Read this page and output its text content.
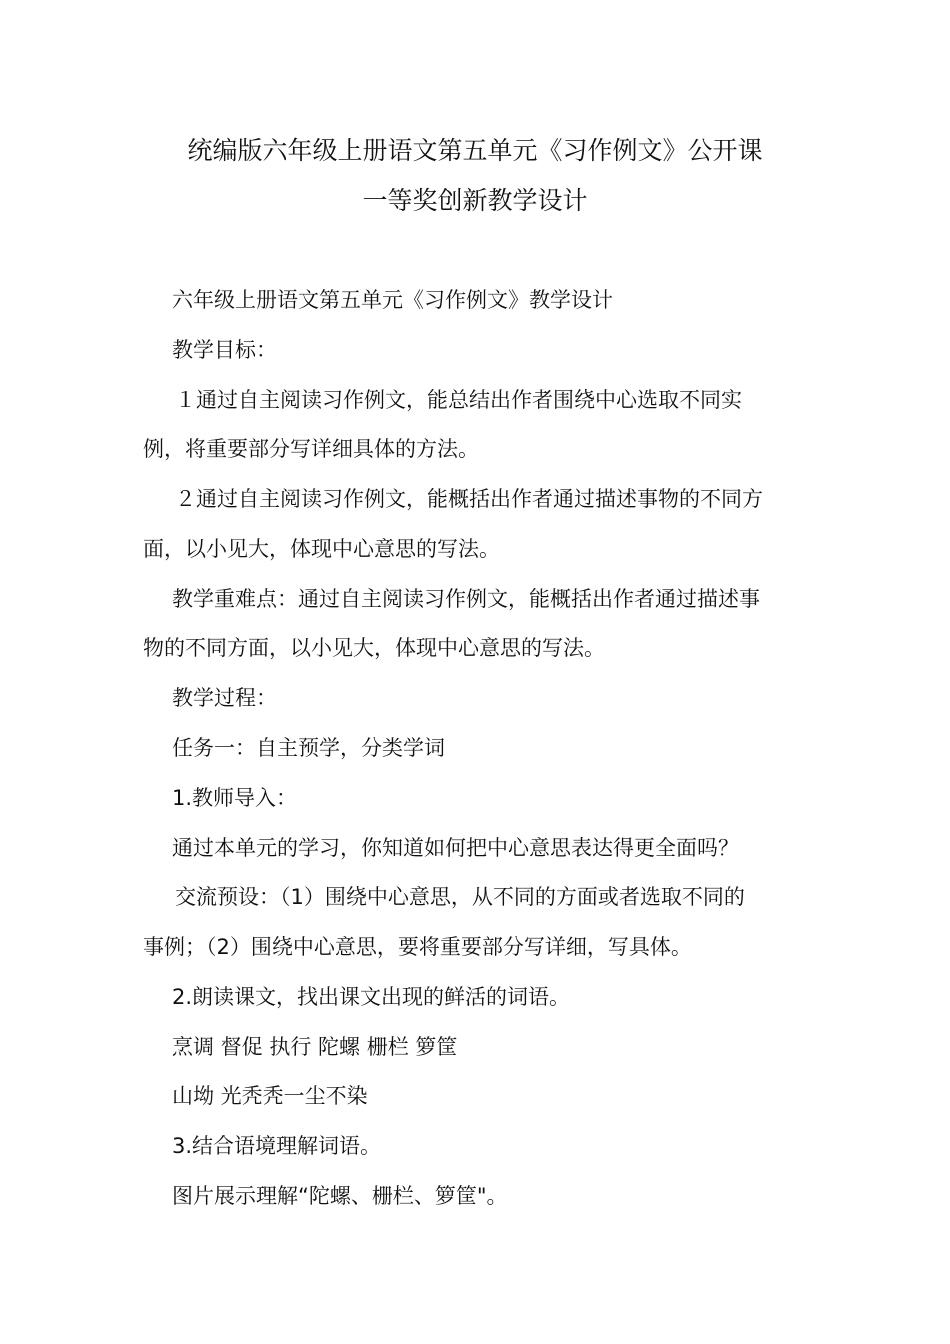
统编版六年级上册语文第五单元《习作例文》公开课
一等奖创新教学设计
六年级上册语文第五单元《习作例文》教学设计
教学目标：
１通过自主阅读习作例文，能总结出作者围绕中心选取不同实
例，将重要部分写详细具体的方法。
２通过自主阅读习作例文，能概括出作者通过描述事物的不同方
面，以小见大，体现中心意思的写法。
教学重难点：通过自主阅读习作例文，能概括出作者通过描述事
物的不同方面，以小见大，体现中心意思的写法。
教学过程：
任务一：自主预学，分类学词
1.教师导入：
通过本单元的学习，你知道如何把中心意思表达得更全面吗？
交流预设：（1）围绕中心意思，从不同的方面或者选取不同的
事例；（2）围绕中心意思，要将重要部分写详细，写具体。
2.朗读课文，找出课文出现的鲜活的词语。
烹调 督促 执行 陀螺 栅栏 箩筐
山坳 光秃秃一尘不染
3.结合语境理解词语。
图片展示理解“陀螺、栅栏、箩筐"。
